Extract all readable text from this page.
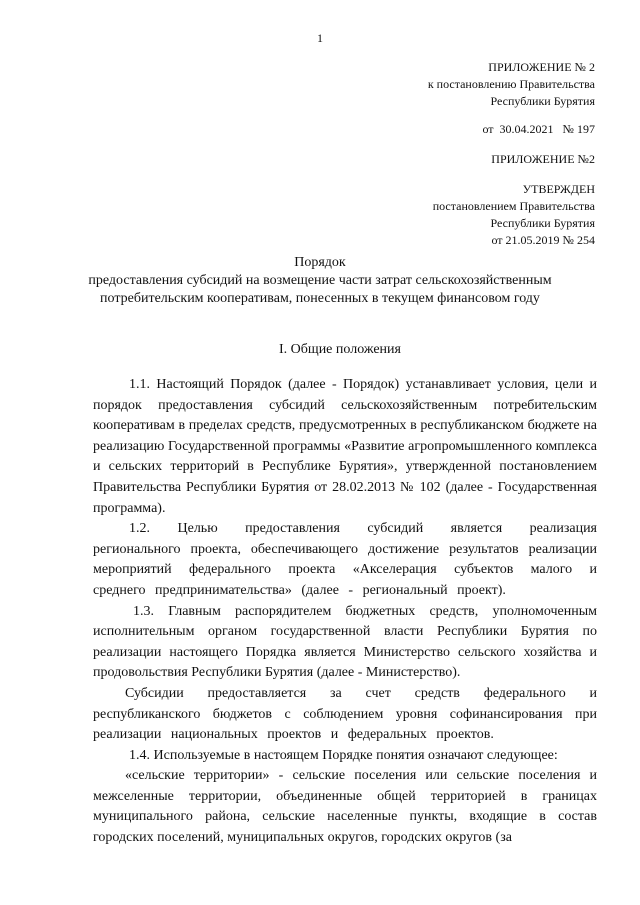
1
ПРИЛОЖЕНИЕ № 2
к постановлению Правительства
Республики Бурятия
от  30.04.2021   № 197
ПРИЛОЖЕНИЕ №2
УТВЕРЖДЕН
постановлением Правительства
Республики Бурятия
от 21.05.2019 № 254
Порядок
предоставления субсидий на возмещение части затрат сельскохозяйственным
потребительским кооперативам, понесенных в текущем финансовом году
I. Общие положения

1.1. Настоящий Порядок (далее - Порядок) устанавливает условия, цели и порядок предоставления субсидий сельскохозяйственным потребительским кооперативам в пределах средств, предусмотренных в республиканском бюджете на реализацию Государственной программы «Развитие агропромышленного комплекса и сельских территорий в Республике Бурятия», утвержденной постановлением Правительства Республики Бурятия от 28.02.2013 № 102 (далее - Государственная программа).

1.2. Целью предоставления субсидий является реализация регионального проекта, обеспечивающего достижение результатов реализации мероприятий федерального проекта «Акселерация субъектов малого и среднего предпринимательства» (далее - региональный проект).

1.3. Главным распорядителем бюджетных средств, уполномоченным исполнительным органом государственной власти Республики Бурятия по реализации настоящего Порядка является Министерство сельского хозяйства и продовольствия Республики Бурятия (далее - Министерство).

Субсидии предоставляется за счет средств федерального и республиканского бюджетов с соблюдением уровня софинансирования при реализации национальных проектов и федеральных проектов.

1.4. Используемые в настоящем Порядке понятия означают следующее:

«сельские территории» - сельские поселения или сельские поселения и межселенные территории, объединенные общей территорией в границах муниципального района, сельские населенные пункты, входящие в состав городских поселений, муниципальных округов, городских округов (за
